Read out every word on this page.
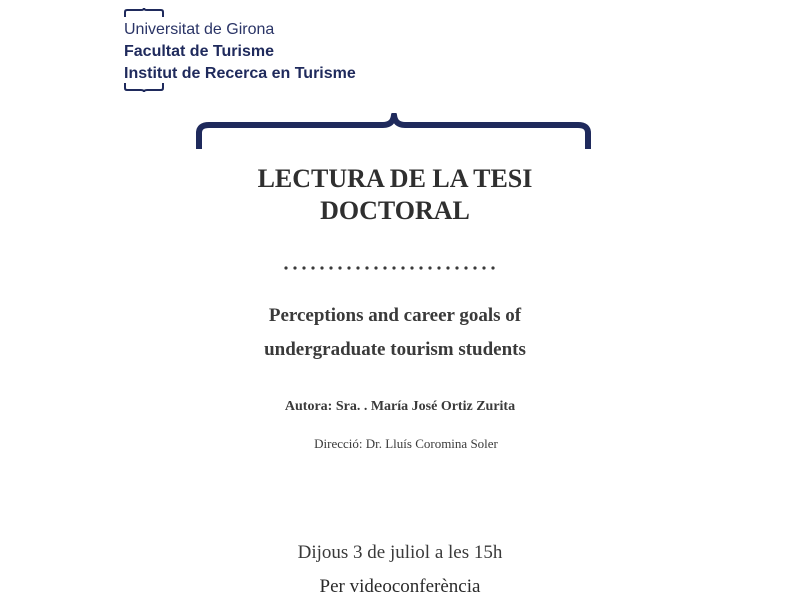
Universitat de Girona
Facultat de Turisme
Institut de Recerca en Turisme
LECTURA DE LA TESI
DOCTORAL
Perceptions and career goals of
undergraduate tourism students
Autora: Sra. . María José Ortiz Zurita
Direcció: Dr. Lluís Coromina Soler
Dijous 3 de juliol a les 15h
Per videoconferència
